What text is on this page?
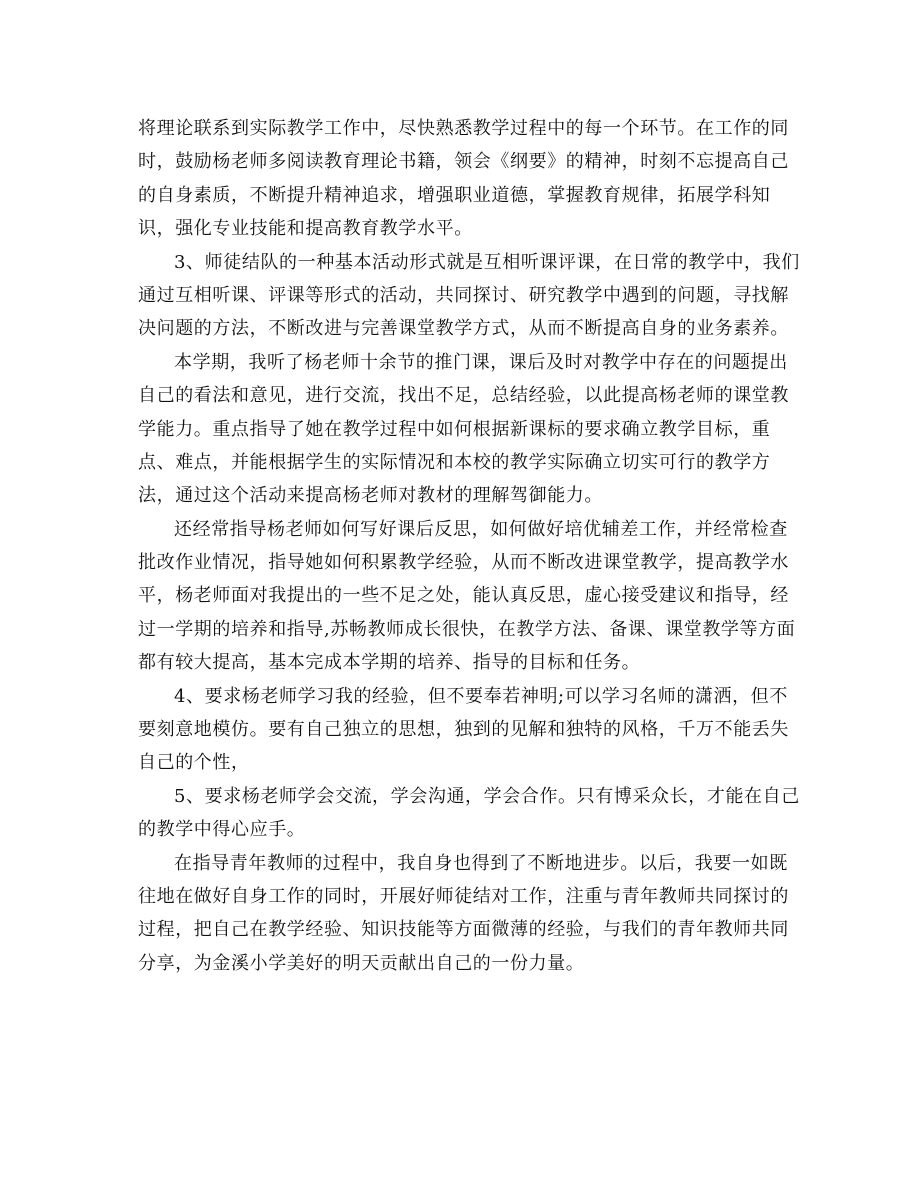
将理论联系到实际教学工作中，尽快熟悉教学过程中的每一个环节。在工作的同
时，鼓励杨老师多阅读教育理论书籍，领会《纲要》的精神，时刻不忘提高自己
的自身素质，不断提升精神追求，增强职业道德，掌握教育规律，拓展学科知
识，强化专业技能和提高教育教学水平。
3、师徒结队的一种基本活动形式就是互相听课评课，在日常的教学中，我们
通过互相听课、评课等形式的活动，共同探讨、研究教学中遇到的问题，寻找解
决问题的方法，不断改进与完善课堂教学方式，从而不断提高自身的业务素养。
本学期，我听了杨老师十余节的推门课，课后及时对教学中存在的问题提出
自己的看法和意见，进行交流，找出不足，总结经验，以此提高杨老师的课堂教
学能力。重点指导了她在教学过程中如何根据新课标的要求确立教学目标，重
点、难点，并能根据学生的实际情况和本校的教学实际确立切实可行的教学方
法，通过这个活动来提高杨老师对教材的理解驾御能力。
还经常指导杨老师如何写好课后反思，如何做好培优辅差工作，并经常检查
批改作业情况，指导她如何积累教学经验，从而不断改进课堂教学，提高教学水
平，杨老师面对我提出的一些不足之处，能认真反思，虚心接受建议和指导，经
过一学期的培养和指导,苏畅教师成长很快，在教学方法、备课、课堂教学等方面
都有较大提高，基本完成本学期的培养、指导的目标和任务。
4、要求杨老师学习我的经验，但不要奉若神明;可以学习名师的潇洒，但不
要刻意地模仿。要有自己独立的思想，独到的见解和独特的风格，千万不能丢失
自己的个性，
5、要求杨老师学会交流，学会沟通，学会合作。只有博采众长，才能在自己
的教学中得心应手。
在指导青年教师的过程中，我自身也得到了不断地进步。以后，我要一如既
往地在做好自身工作的同时，开展好师徒结对工作，注重与青年教师共同探讨的
过程，把自己在教学经验、知识技能等方面微薄的经验，与我们的青年教师共同
分享，为金溪小学美好的明天贡献出自己的一份力量。
